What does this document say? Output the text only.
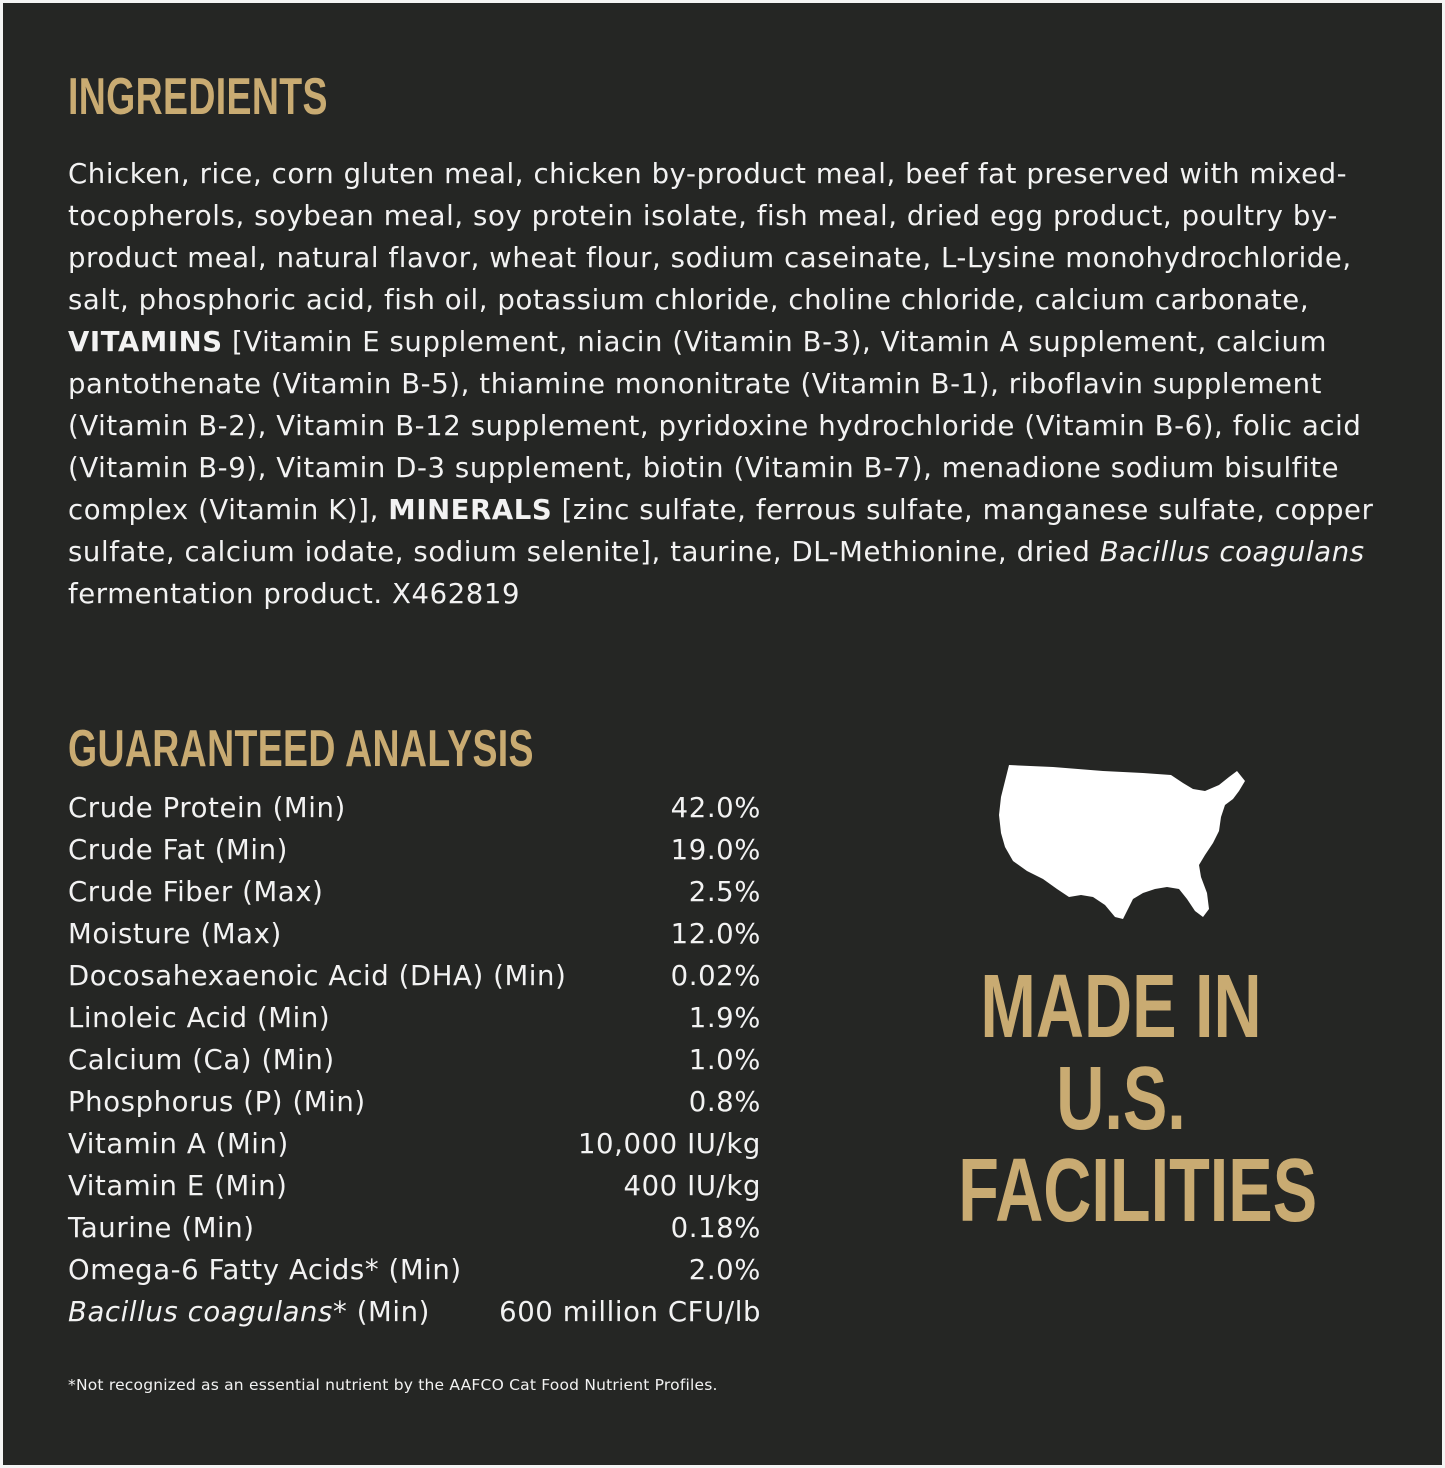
INGREDIENTS

Chicken, rice, corn gluten meal, chicken by-product meal, beef fat preserved with mixed-tocopherols, soybean meal, soy protein isolate, fish meal, dried egg product, poultry by-product meal, natural flavor, wheat flour, sodium caseinate, L-Lysine monohydrochloride, salt, phosphoric acid, fish oil, potassium chloride, choline chloride, calcium carbonate, VITAMINS [Vitamin E supplement, niacin (Vitamin B-3), Vitamin A supplement, calcium pantothenate (Vitamin B-5), thiamine mononitrate (Vitamin B-1), riboflavin supplement (Vitamin B-2), Vitamin B-12 supplement, pyridoxine hydrochloride (Vitamin B-6), folic acid (Vitamin B-9), Vitamin D-3 supplement, biotin (Vitamin B-7), menadione sodium bisulfite complex (Vitamin K)], MINERALS [zinc sulfate, ferrous sulfate, manganese sulfate, copper sulfate, calcium iodate, sodium selenite], taurine, DL-Methionine, dried Bacillus coagulans fermentation product. X462819

GUARANTEED ANALYSIS
Crude Protein (Min)	42.0%
Crude Fat (Min)	19.0%
Crude Fiber (Max)	2.5%
Moisture (Max)	12.0%
Docosahexaenoic Acid (DHA) (Min)	0.02%
Linoleic Acid (Min)	1.9%
Calcium (Ca) (Min)	1.0%
Phosphorus (P) (Min)	0.8%
Vitamin A (Min)	10,000 IU/kg
Vitamin E (Min)	400 IU/kg
Taurine (Min)	0.18%
Omega-6 Fatty Acids* (Min)	2.0%
Bacillus coagulans* (Min)	600 million CFU/lb

*Not recognized as an essential nutrient by the AAFCO Cat Food Nutrient Profiles.

MADE IN
U.S.
FACILITIES
